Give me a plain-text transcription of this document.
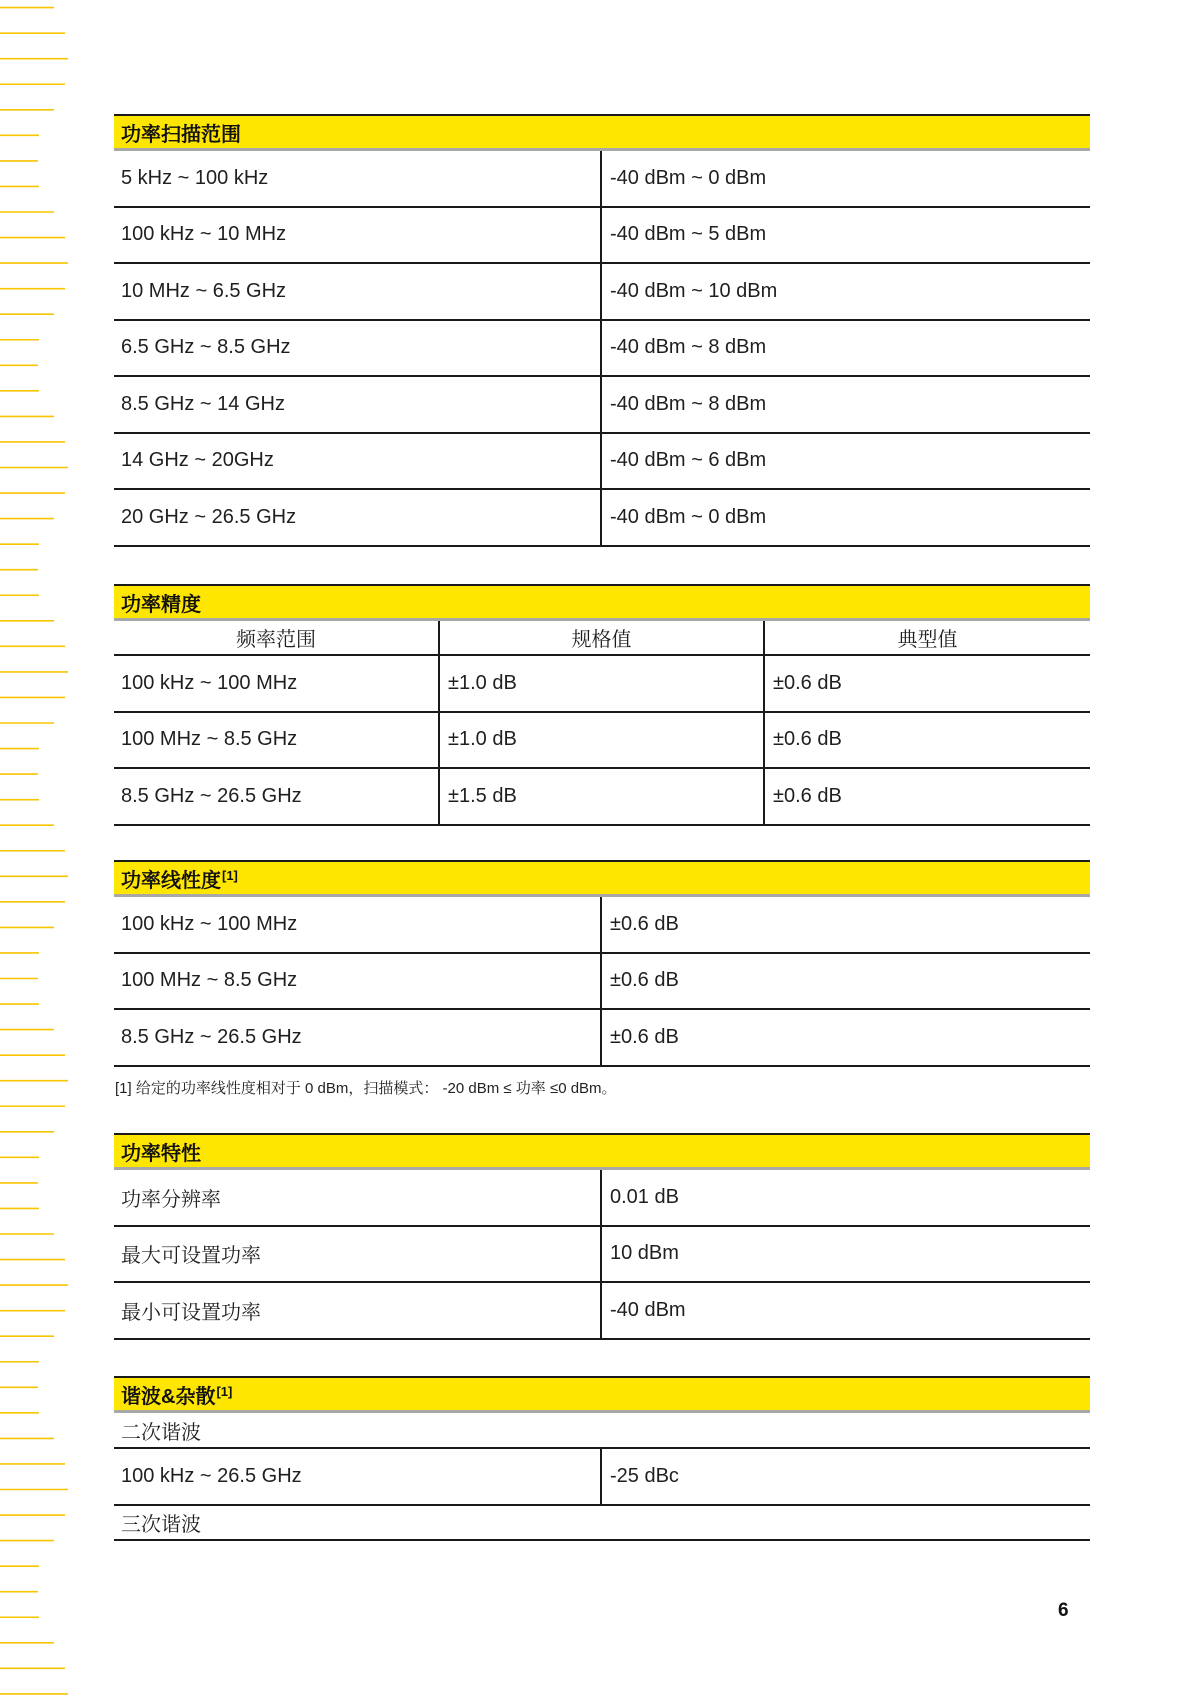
功率扫描范围
5 kHz ~ 100 kHz	-40 dBm ~ 0 dBm
100 kHz ~ 10 MHz	-40 dBm ~ 5 dBm
10 MHz ~ 6.5 GHz	-40 dBm ~ 10 dBm
6.5 GHz ~ 8.5 GHz	-40 dBm ~ 8 dBm
8.5 GHz ~ 14 GHz	-40 dBm ~ 8 dBm
14 GHz ~ 20GHz	-40 dBm ~ 6 dBm
20 GHz ~ 26.5 GHz	-40 dBm ~ 0 dBm
功率精度
频率范围	规格值	典型值
100 kHz ~ 100 MHz	±1.0 dB	±0.6 dB
100 MHz ~ 8.5 GHz	±1.0 dB	±0.6 dB
8.5 GHz ~ 26.5 GHz	±1.5 dB	±0.6 dB
功率线性度[1]
100 kHz ~ 100 MHz	±0.6 dB
100 MHz ~ 8.5 GHz	±0.6 dB
8.5 GHz ~ 26.5 GHz	±0.6 dB
[1] 给定的功率线性度相对于 0 dBm，扫描模式： -20 dBm ≤ 功率 ≤0 dBm。
功率特性
功率分辨率	0.01 dB
最大可设置功率	10 dBm
最小可设置功率	-40 dBm
谐波&杂散[1]
二次谐波
100 kHz ~ 26.5 GHz	-25 dBc
三次谐波
6
